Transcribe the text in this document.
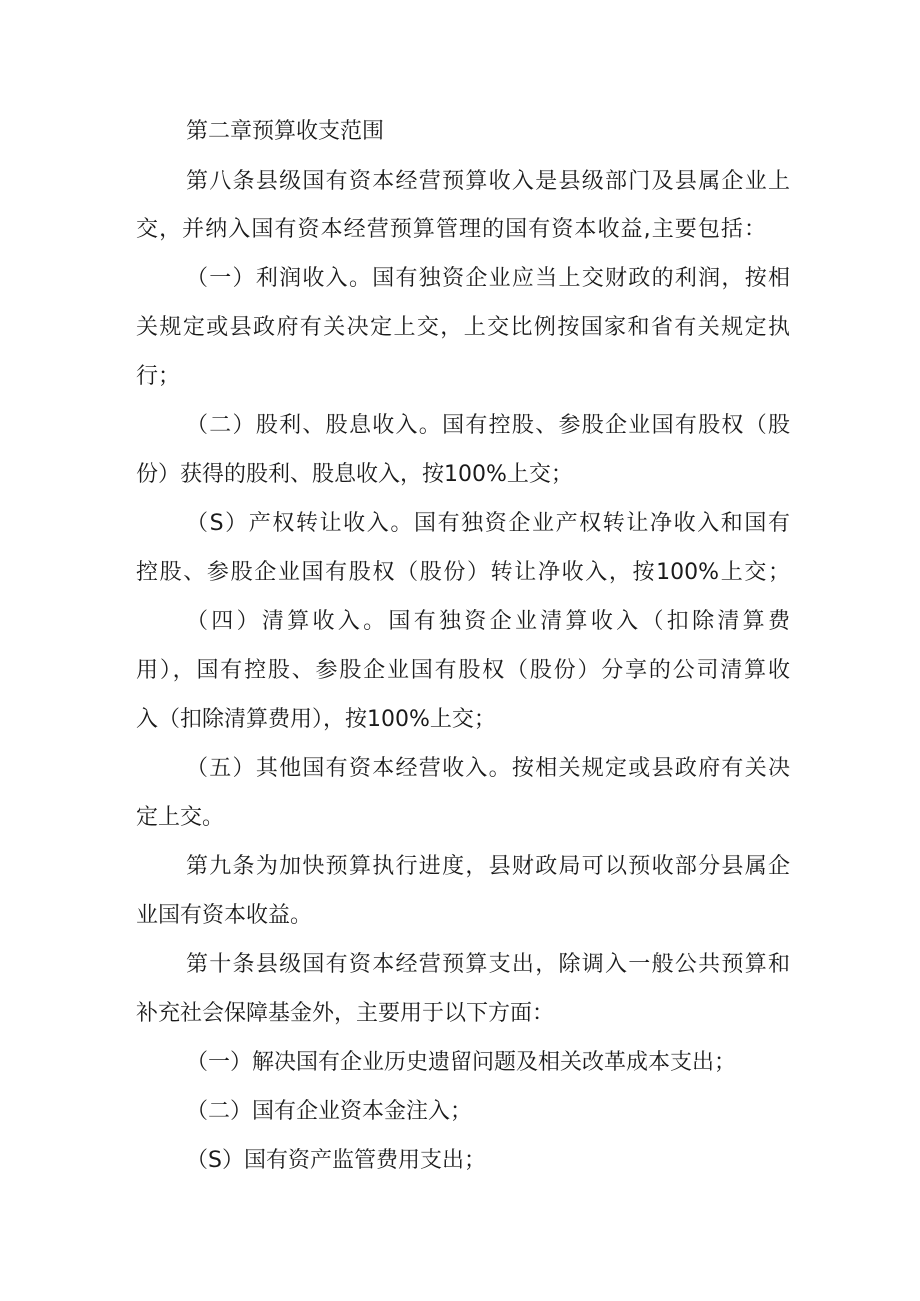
第二章预算收支范围
第八条县级国有资本经营预算收入是县级部门及县属企业上
交，并纳入国有资本经营预算管理的国有资本收益,主要包括：
（一）利润收入。国有独资企业应当上交财政的利润，按相
关规定或县政府有关决定上交，上交比例按国家和省有关规定执
行；
（二）股利、股息收入。国有控股、参股企业国有股权（股
份）获得的股利、股息收入，按100%上交；
（S）产权转让收入。国有独资企业产权转让净收入和国有
控股、参股企业国有股权（股份）转让净收入，按100%上交；
（四）清算收入。国有独资企业清算收入（扣除清算费
用），国有控股、参股企业国有股权（股份）分享的公司清算收
入（扣除清算费用），按100%上交；
（五）其他国有资本经营收入。按相关规定或县政府有关决
定上交。
第九条为加快预算执行进度，县财政局可以预收部分县属企
业国有资本收益。
第十条县级国有资本经营预算支出，除调入一般公共预算和
补充社会保障基金外，主要用于以下方面：
（一）解决国有企业历史遗留问题及相关改革成本支出；
（二）国有企业资本金注入；
（S）国有资产监管费用支出；
